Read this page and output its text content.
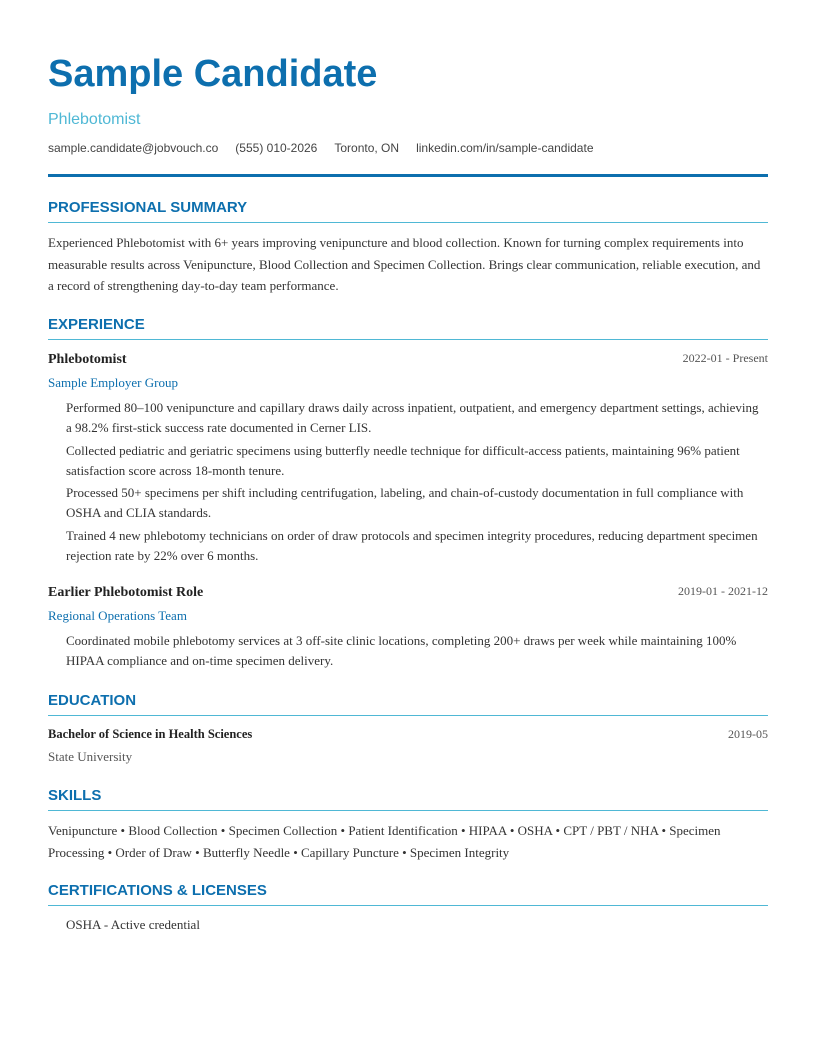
Sample Candidate
Phlebotomist
sample.candidate@jobvouch.co (555) 010-2026 Toronto, ON linkedin.com/in/sample-candidate
PROFESSIONAL SUMMARY
Experienced Phlebotomist with 6+ years improving venipuncture and blood collection. Known for turning complex requirements into measurable results across Venipuncture, Blood Collection and Specimen Collection. Brings clear communication, reliable execution, and a record of strengthening day-to-day team performance.
EXPERIENCE
Phlebotomist	2022-01 - Present
Sample Employer Group
Performed 80–100 venipuncture and capillary draws daily across inpatient, outpatient, and emergency department settings, achieving a 98.2% first-stick success rate documented in Cerner LIS.
Collected pediatric and geriatric specimens using butterfly needle technique for difficult-access patients, maintaining 96% patient satisfaction score across 18-month tenure.
Processed 50+ specimens per shift including centrifugation, labeling, and chain-of-custody documentation in full compliance with OSHA and CLIA standards.
Trained 4 new phlebotomy technicians on order of draw protocols and specimen integrity procedures, reducing department specimen rejection rate by 22% over 6 months.
Earlier Phlebotomist Role	2019-01 - 2021-12
Regional Operations Team
Coordinated mobile phlebotomy services at 3 off-site clinic locations, completing 200+ draws per week while maintaining 100% HIPAA compliance and on-time specimen delivery.
EDUCATION
Bachelor of Science in Health Sciences	2019-05
State University
SKILLS
Venipuncture • Blood Collection • Specimen Collection • Patient Identification • HIPAA • OSHA • CPT / PBT / NHA • Specimen Processing • Order of Draw • Butterfly Needle • Capillary Puncture • Specimen Integrity
CERTIFICATIONS & LICENSES
OSHA - Active credential
